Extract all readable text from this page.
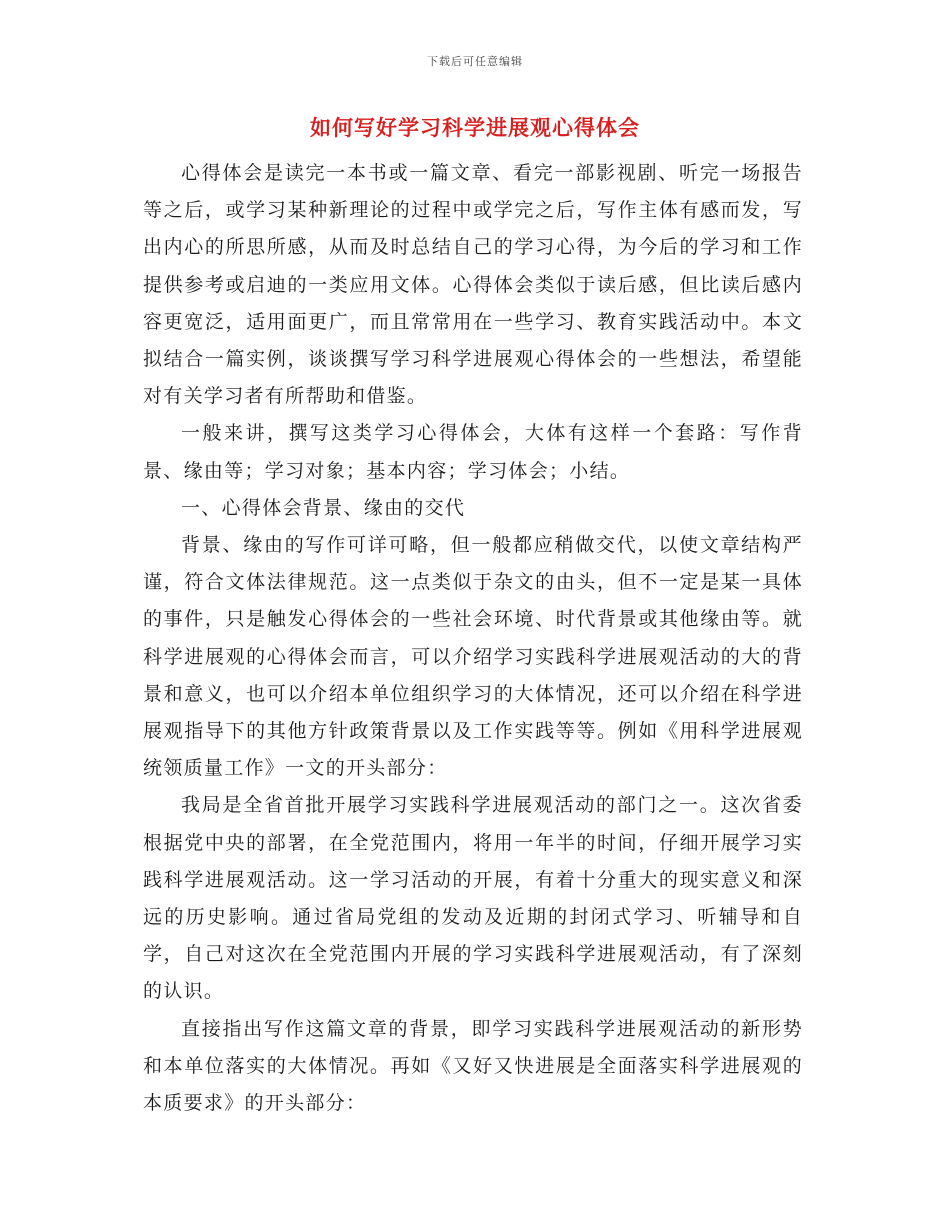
下载后可任意编辑
如何写好学习科学进展观心得体会

心得体会是读完一本书或一篇文章、看完一部影视剧、听完一场报告等之后，或学习某种新理论的过程中或学完之后，写作主体有感而发，写出内心的所思所感，从而及时总结自己的学习心得，为今后的学习和工作提供参考或启迪的一类应用文体。心得体会类似于读后感，但比读后感内容更宽泛，适用面更广，而且常常用在一些学习、教育实践活动中。本文拟结合一篇实例，谈谈撰写学习科学进展观心得体会的一些想法，希望能对有关学习者有所帮助和借鉴。

一般来讲，撰写这类学习心得体会，大体有这样一个套路：写作背景、缘由等；学习对象；基本内容；学习体会；小结。

一、心得体会背景、缘由的交代

背景、缘由的写作可详可略，但一般都应稍做交代，以使文章结构严谨，符合文体法律规范。这一点类似于杂文的由头，但不一定是某一具体的事件，只是触发心得体会的一些社会环境、时代背景或其他缘由等。就科学进展观的心得体会而言，可以介绍学习实践科学进展观活动的大的背景和意义，也可以介绍本单位组织学习的大体情况，还可以介绍在科学进展观指导下的其他方针政策背景以及工作实践等等。例如《用科学进展观统领质量工作》一文的开头部分：

我局是全省首批开展学习实践科学进展观活动的部门之一。这次省委根据党中央的部署，在全党范围内，将用一年半的时间，仔细开展学习实践科学进展观活动。这一学习活动的开展，有着十分重大的现实意义和深远的历史影响。通过省局党组的发动及近期的封闭式学习、听辅导和自学，自己对这次在全党范围内开展的学习实践科学进展观活动，有了深刻的认识。

直接指出写作这篇文章的背景，即学习实践科学进展观活动的新形势和本单位落实的大体情况。再如《又好又快进展是全面落实科学进展观的本质要求》的开头部分：
